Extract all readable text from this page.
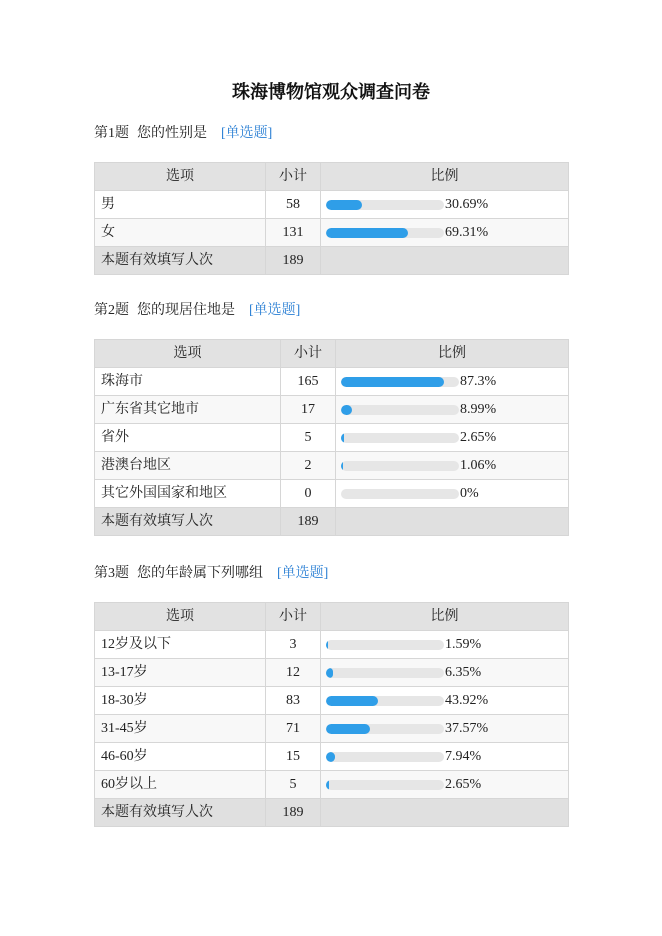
珠海博物馆观众调查问卷
第1题 您的性别是 [单选题]
选项	小计	比例
男	58	30.69%

女	131	69.31%

本题有效填写人次	189	
第2题 您的现居住地是 [单选题]
选项	小计	比例
珠海市	165	87.3%

广东省其它地市	17	8.99%

省外	5	2.65%

港澳台地区	2	1.06%

其它外国国家和地区	0	0%

本题有效填写人次	189	
第3题 您的年龄属下列哪组 [单选题]
选项	小计	比例
12岁及以下	3	1.59%

13-17岁	12	6.35%

18-30岁	83	43.92%

31-45岁	71	37.57%

46-60岁	15	7.94%

60岁以上	5	2.65%

本题有效填写人次	189	
